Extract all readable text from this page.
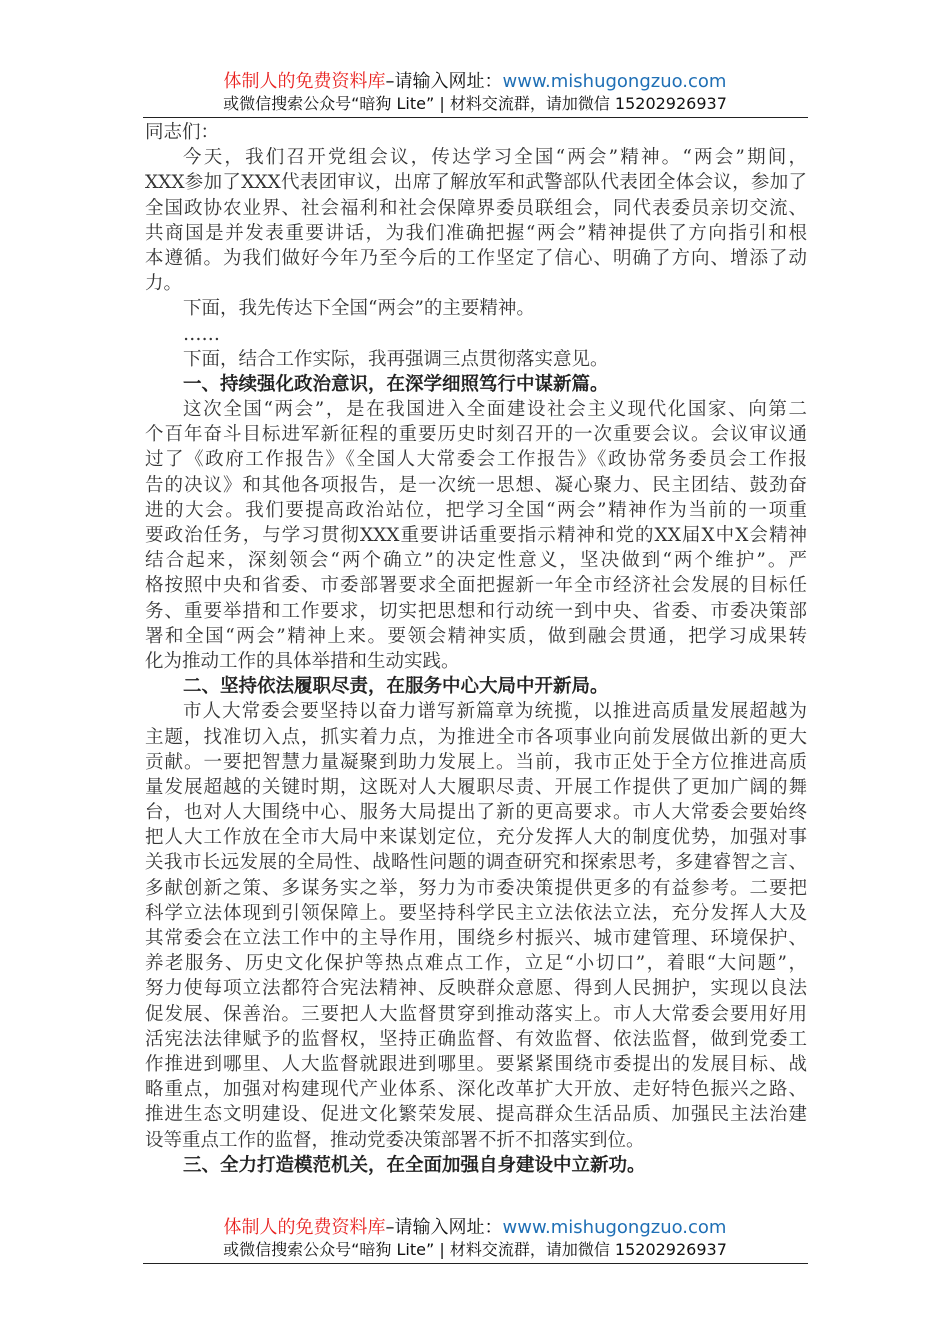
体制人的免费资料库–请输入网址：www.mishugongzuo.com
或微信搜索公众号“暗狗 Lite” | 材料交流群，请加微信 15202926937
同志们：
今天，我们召开党组会议，传达学习全国“两会”精神。“两会”期间，
XXX参加了XXX代表团审议，出席了解放军和武警部队代表团全体会议，参加了
全国政协农业界、社会福利和社会保障界委员联组会，同代表委员亲切交流、
共商国是并发表重要讲话，为我们准确把握“两会”精神提供了方向指引和根
本遵循。为我们做好今年乃至今后的工作坚定了信心、明确了方向、增添了动
力。
下面，我先传达下全国“两会”的主要精神。
……
下面，结合工作实际，我再强调三点贯彻落实意见。
一、持续强化政治意识，在深学细照笃行中谋新篇。
这次全国“两会”，是在我国进入全面建设社会主义现代化国家、向第二
个百年奋斗目标进军新征程的重要历史时刻召开的一次重要会议。会议审议通
过了《政府工作报告》《全国人大常委会工作报告》《政协常务委员会工作报
告的决议》和其他各项报告，是一次统一思想、凝心聚力、民主团结、鼓劲奋
进的大会。我们要提高政治站位，把学习全国“两会”精神作为当前的一项重
要政治任务，与学习贯彻XXX重要讲话重要指示精神和党的XX届X中X会精神
结合起来，深刻领会“两个确立”的决定性意义，坚决做到“两个维护”。严
格按照中央和省委、市委部署要求全面把握新一年全市经济社会发展的目标任
务、重要举措和工作要求，切实把思想和行动统一到中央、省委、市委决策部
署和全国“两会”精神上来。要领会精神实质，做到融会贯通，把学习成果转
化为推动工作的具体举措和生动实践。
二、坚持依法履职尽责，在服务中心大局中开新局。
市人大常委会要坚持以奋力谱写新篇章为统揽，以推进高质量发展超越为
主题，找准切入点，抓实着力点，为推进全市各项事业向前发展做出新的更大
贡献。一要把智慧力量凝聚到助力发展上。当前，我市正处于全方位推进高质
量发展超越的关键时期，这既对人大履职尽责、开展工作提供了更加广阔的舞
台，也对人大围绕中心、服务大局提出了新的更高要求。市人大常委会要始终
把人大工作放在全市大局中来谋划定位，充分发挥人大的制度优势，加强对事
关我市长远发展的全局性、战略性问题的调查研究和探索思考，多建睿智之言、
多献创新之策、多谋务实之举，努力为市委决策提供更多的有益参考。二要把
科学立法体现到引领保障上。要坚持科学民主立法依法立法，充分发挥人大及
其常委会在立法工作中的主导作用，围绕乡村振兴、城市建管理、环境保护、
养老服务、历史文化保护等热点难点工作，立足“小切口”，着眼“大问题”，
努力使每项立法都符合宪法精神、反映群众意愿、得到人民拥护，实现以良法
促发展、保善治。三要把人大监督贯穿到推动落实上。市人大常委会要用好用
活宪法法律赋予的监督权，坚持正确监督、有效监督、依法监督，做到党委工
作推进到哪里、人大监督就跟进到哪里。要紧紧围绕市委提出的发展目标、战
略重点，加强对构建现代产业体系、深化改革扩大开放、走好特色振兴之路、
推进生态文明建设、促进文化繁荣发展、提高群众生活品质、加强民主法治建
设等重点工作的监督，推动党委决策部署不折不扣落实到位。
三、全力打造模范机关，在全面加强自身建设中立新功。
体制人的免费资料库–请输入网址：www.mishugongzuo.com
或微信搜索公众号“暗狗 Lite” | 材料交流群，请加微信 15202926937
